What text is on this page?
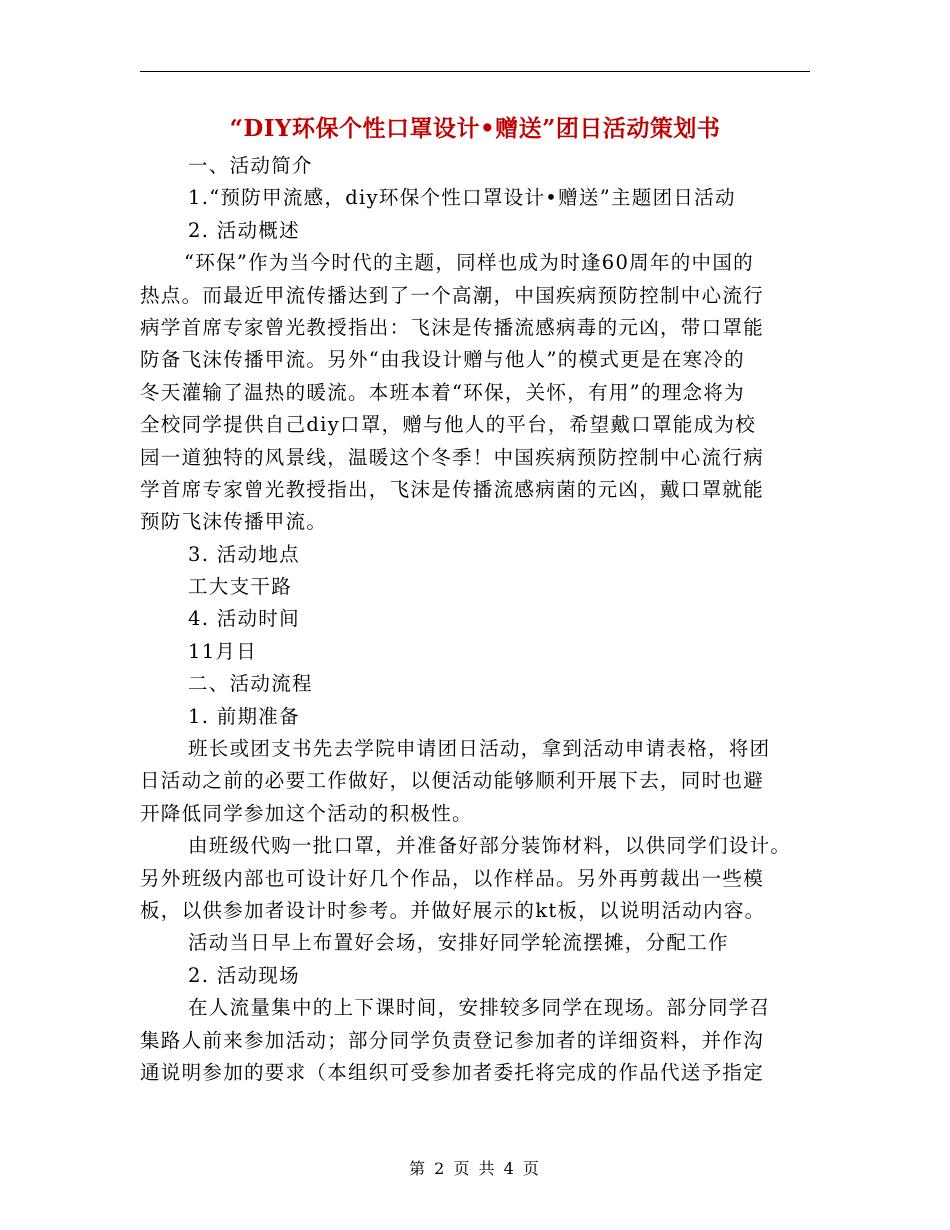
“DIY环保个性口罩设计•赠送”团日活动策划书
一、活动简介
1.“预防甲流感，diy环保个性口罩设计•赠送”主题团日活动
2. 活动概述
“环保”作为当今时代的主题，同样也成为时逢60周年的中国的
热点。而最近甲流传播达到了一个高潮，中国疾病预防控制中心流行
病学首席专家曾光教授指出：飞沫是传播流感病毒的元凶，带口罩能
防备飞沫传播甲流。另外“由我设计赠与他人”的模式更是在寒冷的
冬天灌输了温热的暖流。本班本着“环保，关怀，有用”的理念将为
全校同学提供自己diy口罩，赠与他人的平台，希望戴口罩能成为校
园一道独特的风景线，温暖这个冬季！中国疾病预防控制中心流行病
学首席专家曾光教授指出，飞沫是传播流感病菌的元凶，戴口罩就能
预防飞沫传播甲流。
3. 活动地点
工大支干路
4. 活动时间
11月日
二、活动流程
1. 前期准备
班长或团支书先去学院申请团日活动，拿到活动申请表格，将团
日活动之前的必要工作做好，以便活动能够顺利开展下去，同时也避
开降低同学参加这个活动的积极性。
由班级代购一批口罩，并准备好部分装饰材料，以供同学们设计。
另外班级内部也可设计好几个作品，以作样品。另外再剪裁出一些模
板，以供参加者设计时参考。并做好展示的kt板，以说明活动内容。
活动当日早上布置好会场，安排好同学轮流摆摊，分配工作
2. 活动现场
在人流量集中的上下课时间，安排较多同学在现场。部分同学召
集路人前来参加活动；部分同学负责登记参加者的详细资料，并作沟
通说明参加的要求（本组织可受参加者委托将完成的作品代送予指定
第 2 页 共 4 页
